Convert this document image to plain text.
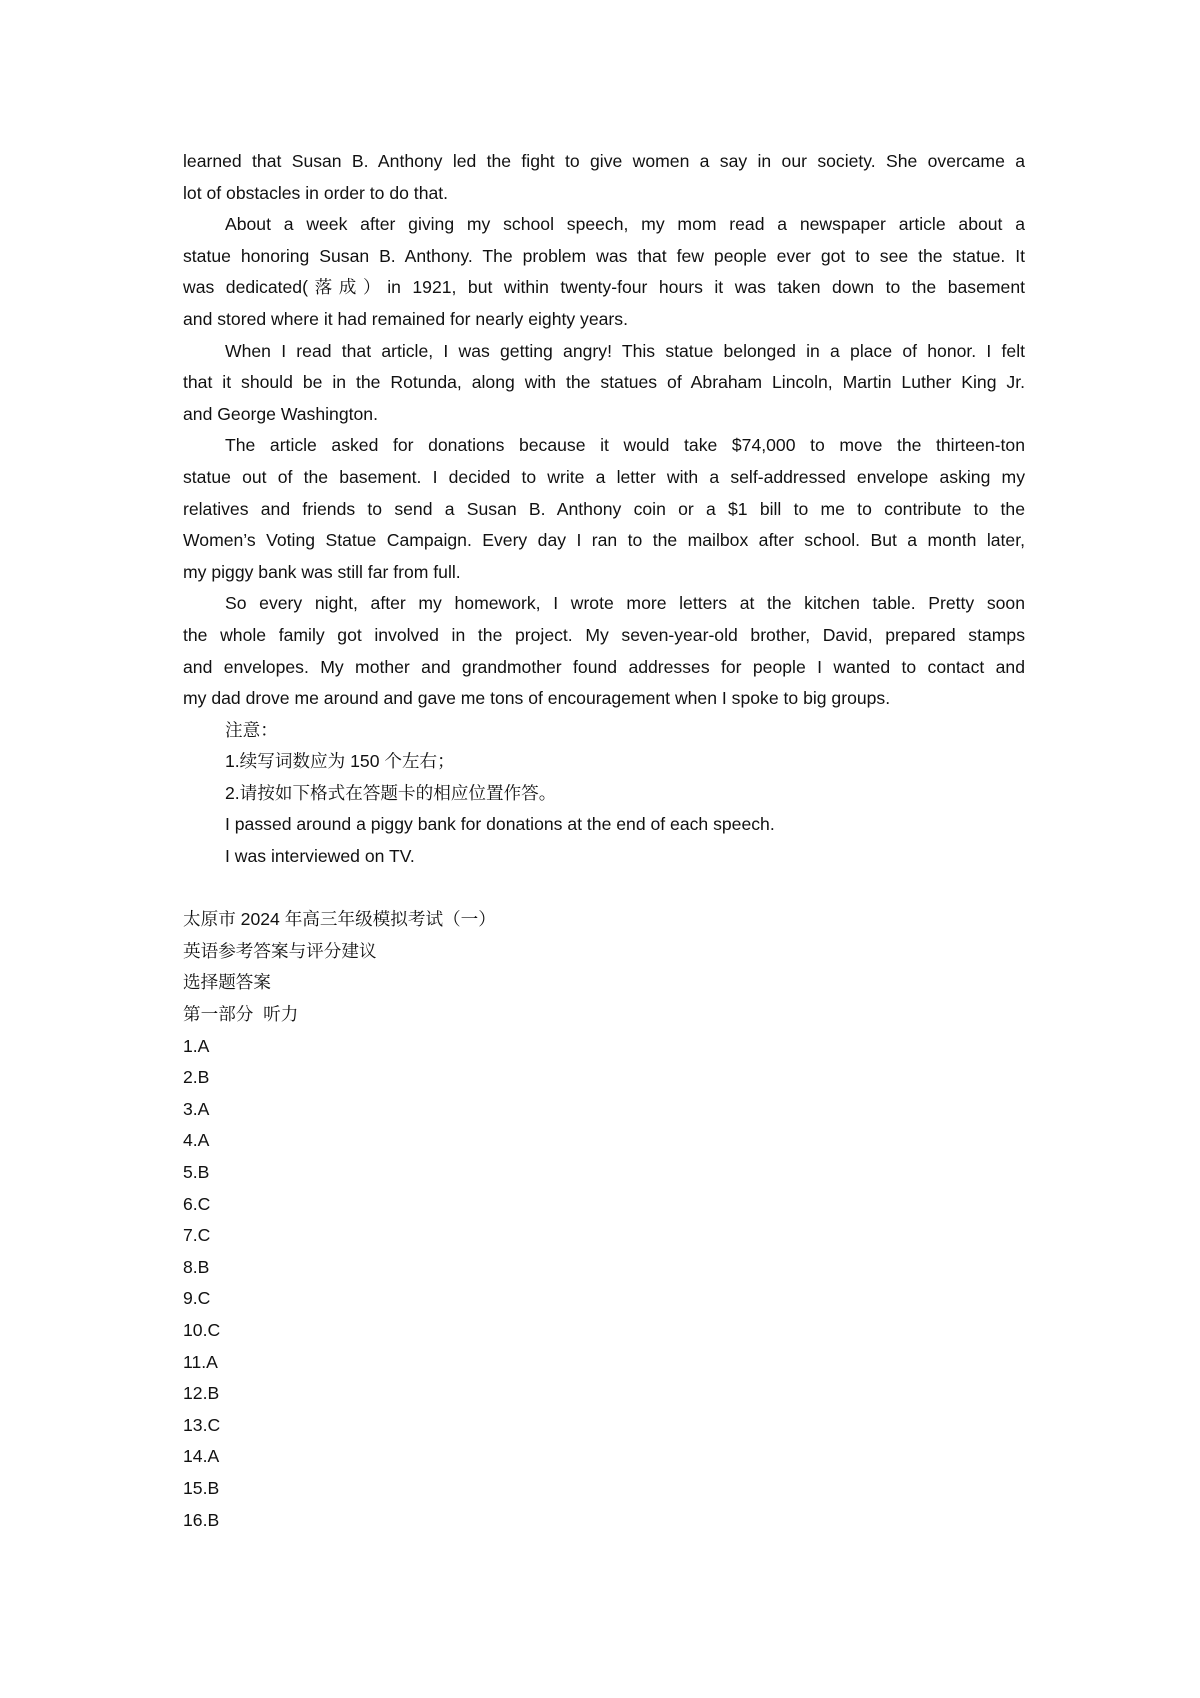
learned that Susan B. Anthony led the fight to give women a say in our society. She overcame a
lot of obstacles in order to do that.
About a week after giving my school speech, my mom read a newspaper article about a
statue honoring Susan B. Anthony. The problem was that few people ever got to see the statue. It
was dedicated(落成）in 1921, but within twenty-four hours it was taken down to the basement
and stored where it had remained for nearly eighty years.
When I read that article, I was getting angry! This statue belonged in a place of honor. I felt
that it should be in the Rotunda, along with the statues of Abraham Lincoln, Martin Luther King Jr.
and George Washington.
The article asked for donations because it would take $74,000 to move the thirteen-ton
statue out of the basement. I decided to write a letter with a self-addressed envelope asking my
relatives and friends to send a Susan B. Anthony coin or a $1 bill to me to contribute to the
Women’s Voting Statue Campaign. Every day I ran to the mailbox after school. But a month later,
my piggy bank was still far from full.
So every night, after my homework, I wrote more letters at the kitchen table. Pretty soon
the whole family got involved in the project. My seven-year-old brother, David, prepared stamps
and envelopes. My mother and grandmother found addresses for people I wanted to contact and
my dad drove me around and gave me tons of encouragement when I spoke to big groups.
注意：
1.续写词数应为 150 个左右；
2.请按如下格式在答题卡的相应位置作答。
I passed around a piggy bank for donations at the end of each speech.
I was interviewed on TV.
太原市 2024 年高三年级模拟考试（一）
英语参考答案与评分建议
选择题答案
第一部分  听力
1.A
2.B
3.A
4.A
5.B
6.C
7.C
8.B
9.C
10.C
11.A
12.B
13.C
14.A
15.B
16.B
